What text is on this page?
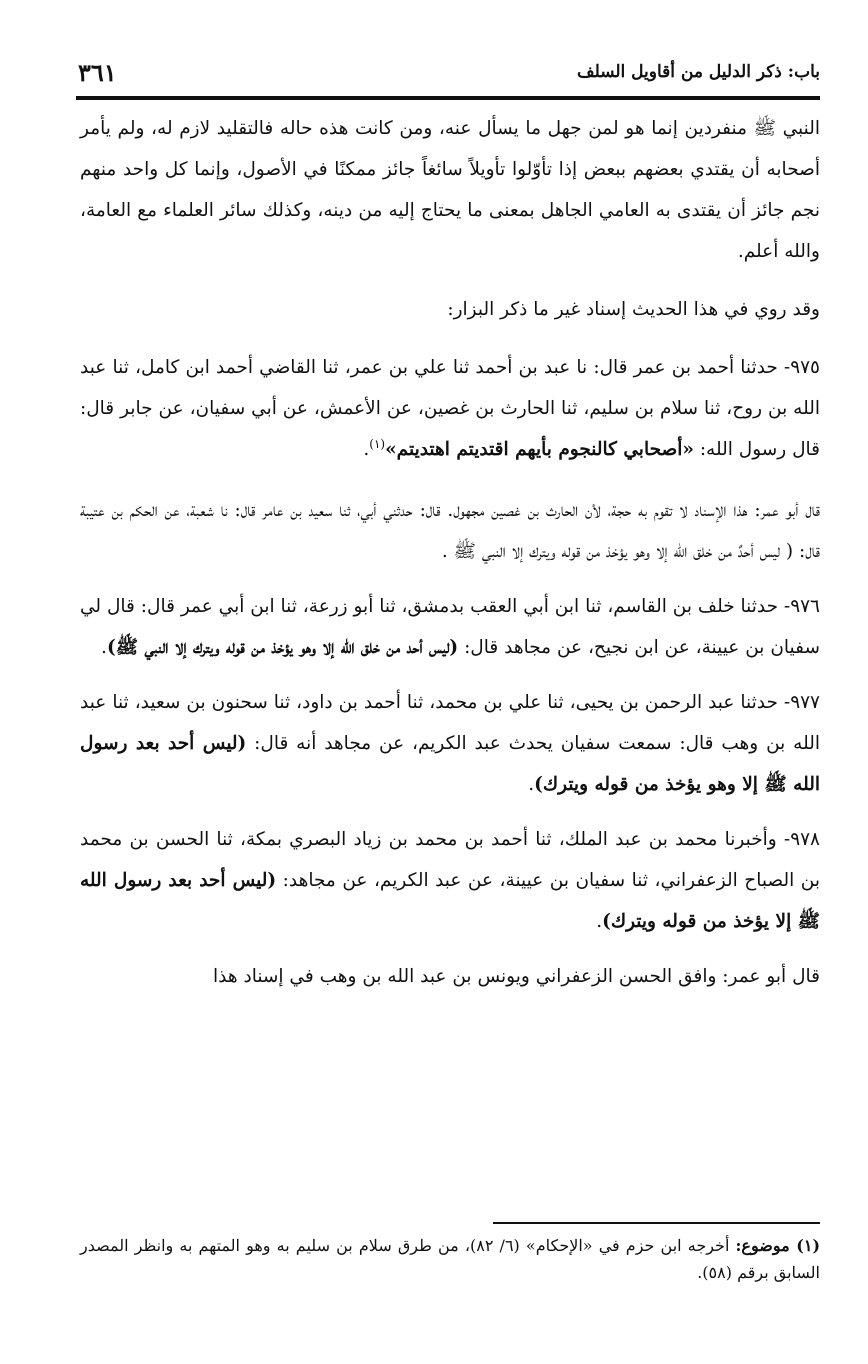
باب: ذكر الدليل من أقاويل السلف
٣٦١

النبي ﷺ منفردين إنما هو لمن جهل ما يسأل عنه، ومن كانت هذه حاله فالتقليد لازم له، ولم يأمر أصحابه أن يقتدي بعضهم ببعض إذا تأوّلوا تأويلاً سائغاً جائز ممكنًا في الأصول، وإنما كل واحد منهم نجم جائز أن يقتدى به العامي الجاهل بمعنى ما يحتاج إليه من دينه، وكذلك سائر العلماء مع العامة، والله أعلم.

وقد روي في هذا الحديث إسناد غير ما ذكر البزار:

٩٧٥- حدثنا أحمد بن عمر قال: نا عبد بن أحمد ثنا علي بن عمر، ثنا القاضي أحمد ابن كامل، ثنا عبد الله بن روح، ثنا سلام بن سليم، ثنا الحارث بن غصين، عن الأعمش، عن أبي سفيان، عن جابر قال: قال رسول الله: «أصحابي كالنجوم بأيهم اقتديتم اهتديتم»$^{(١)}$.

قال أبو عمر: هذا الإسناد لا تقوم به حجة، لأن الحارث بن غصين مجهول. قال: حدثني أبي، ثنا سعيد بن عامر قال: نا شعبة، عن الحكم بن عتيبة قال: ( ليس أحدٌ من خلق الله إلا وهو يؤخذ من قوله ويترك إلا النبي ﷺ .

٩٧٦- حدثنا خلف بن القاسم، ثنا ابن أبي العقب بدمشق، ثنا أبو زرعة، ثنا ابن أبي عمر قال: قال لي سفيان بن عيينة، عن ابن نجيح، عن مجاهد قال: (ليس أحد من خلق الله إلا وهو يؤخذ من قوله ويترك إلا النبي ﷺ).

٩٧٧- حدثنا عبد الرحمن بن يحيى، ثنا علي بن محمد، ثنا أحمد بن داود، ثنا سحنون بن سعيد، ثنا عبد الله بن وهب قال: سمعت سفيان يحدث عبد الكريم، عن مجاهد أنه قال: (ليس أحد بعد رسول الله ﷺ إلا وهو يؤخذ من قوله ويترك).

٩٧٨- وأخبرنا محمد بن عبد الملك، ثنا أحمد بن محمد بن زياد البصري بمكة، ثنا الحسن بن محمد بن الصباح الزعفراني، ثنا سفيان بن عيينة، عن عبد الكريم، عن مجاهد: (ليس أحد بعد رسول الله ﷺ إلا يؤخذ من قوله ويترك).

قال أبو عمر: وافق الحسن الزعفراني ويونس بن عبد الله بن وهب في إسناد هذا

(١) موضوع: أخرجه ابن حزم في «الإحكام» (٦/ ٨٢)، من طرق سلام بن سليم به وهو المتهم به وانظر المصدر السابق برقم (٥٨).
